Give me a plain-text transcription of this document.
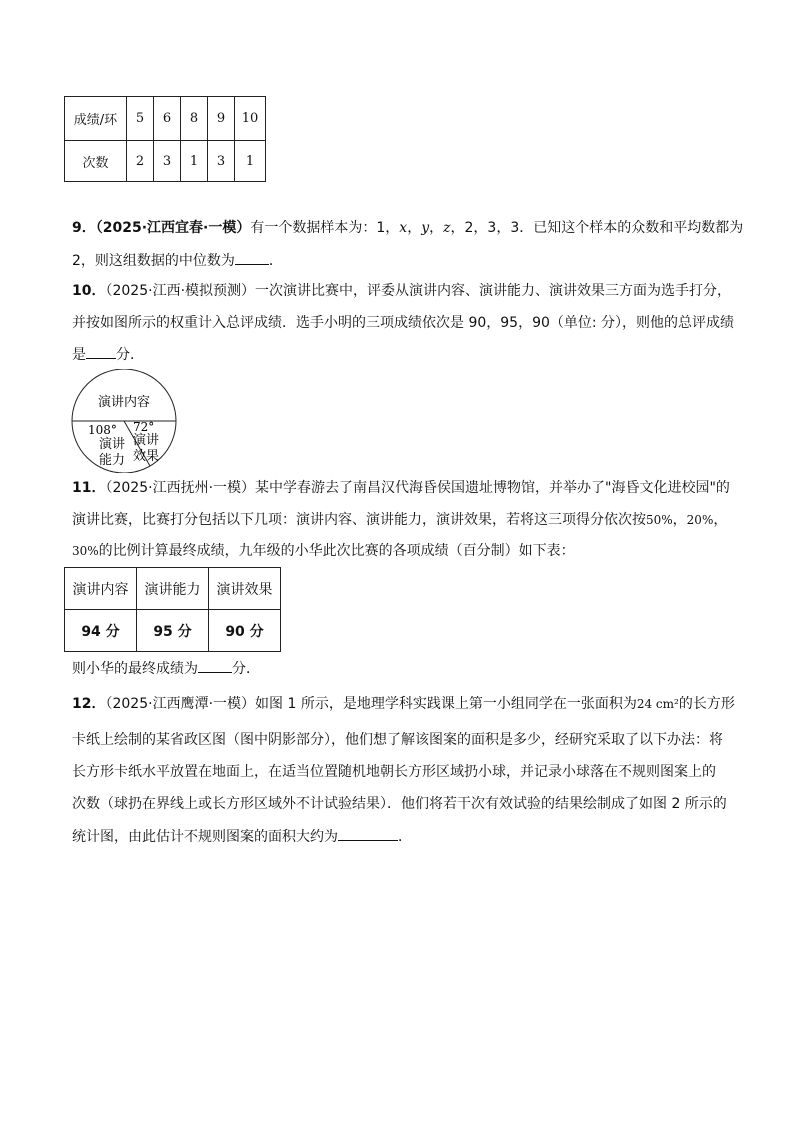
成绩/环	5	6	8	9	10
次数	2	3	1	3	1
9．（2025·江西宜春·一模）有一个数据样本为：1，x，y，z，2，3，3．已知这个样本的众数和平均数都为
2，则这组数据的中位数为 ．
10．（2025·江西·模拟预测）一次演讲比赛中，评委从演讲内容、演讲能力、演讲效果三方面为选手打分，
并按如图所示的权重计入总评成绩．选手小明的三项成绩依次是 90，95，90（单位: 分），则他的总评成绩
是 分．
演讲内容
108° 72°
演讲
能力
演讲
效果
11．（2025·江西抚州·一模）某中学春游去了南昌汉代海昏侯国遗址博物馆，并举办了"海昏文化进校园"的
演讲比赛，比赛打分包括以下几项：演讲内容、演讲能力，演讲效果，若将这三项得分依次按50%，20%，
30%的比例计算最终成绩，九年级的小华此次比赛的各项成绩（百分制）如下表：
演讲内容	演讲能力	演讲效果
94 分	95 分	90 分
则小华的最终成绩为 分．
12．（2025·江西鹰潭·一模）如图 1 所示，是地理学科实践课上第一小组同学在一张面积为24 cm²的长方形
卡纸上绘制的某省政区图（图中阴影部分），他们想了解该图案的面积是多少，经研究采取了以下办法：将
长方形卡纸水平放置在地面上，在适当位置随机地朝长方形区域扔小球，并记录小球落在不规则图案上的
次数（球扔在界线上或长方形区域外不计试验结果）．他们将若干次有效试验的结果绘制成了如图 2 所示的
统计图，由此估计不规则图案的面积大约为	．
